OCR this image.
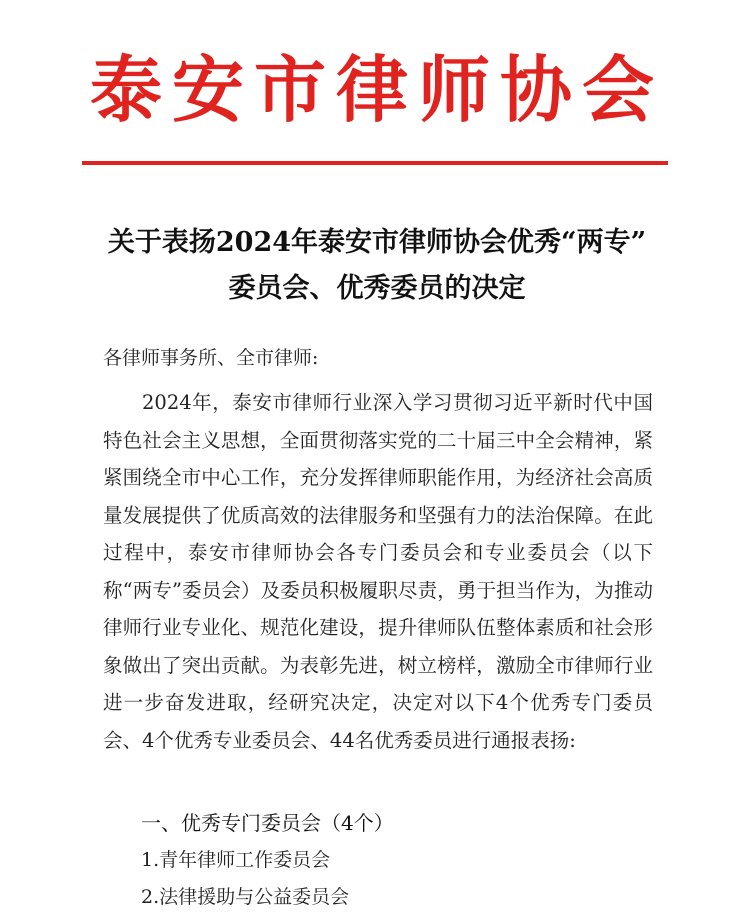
泰安市律师协会
关于表扬2024年泰安市律师协会优秀“两专”
委员会、优秀委员的决定
各律师事务所、全市律师:
2024年，泰安市律师行业深入学习贯彻习近平新时代中国特色社会主义思想，全面贯彻落实党的二十届三中全会精神，紧紧围绕全市中心工作，充分发挥律师职能作用，为经济社会高质量发展提供了优质高效的法律服务和坚强有力的法治保障。在此过程中，泰安市律师协会各专门委员会和专业委员会（以下称“两专”委员会）及委员积极履职尽责，勇于担当作为，为推动律师行业专业化、规范化建设，提升律师队伍整体素质和社会形象做出了突出贡献。为表彰先进，树立榜样，激励全市律师行业进一步奋发进取，经研究决定，决定对以下4个优秀专门委员会、4个优秀专业委员会、44名优秀委员进行通报表扬:
一、优秀专门委员会（4个）
1.青年律师工作委员会
2.法律援助与公益委员会
